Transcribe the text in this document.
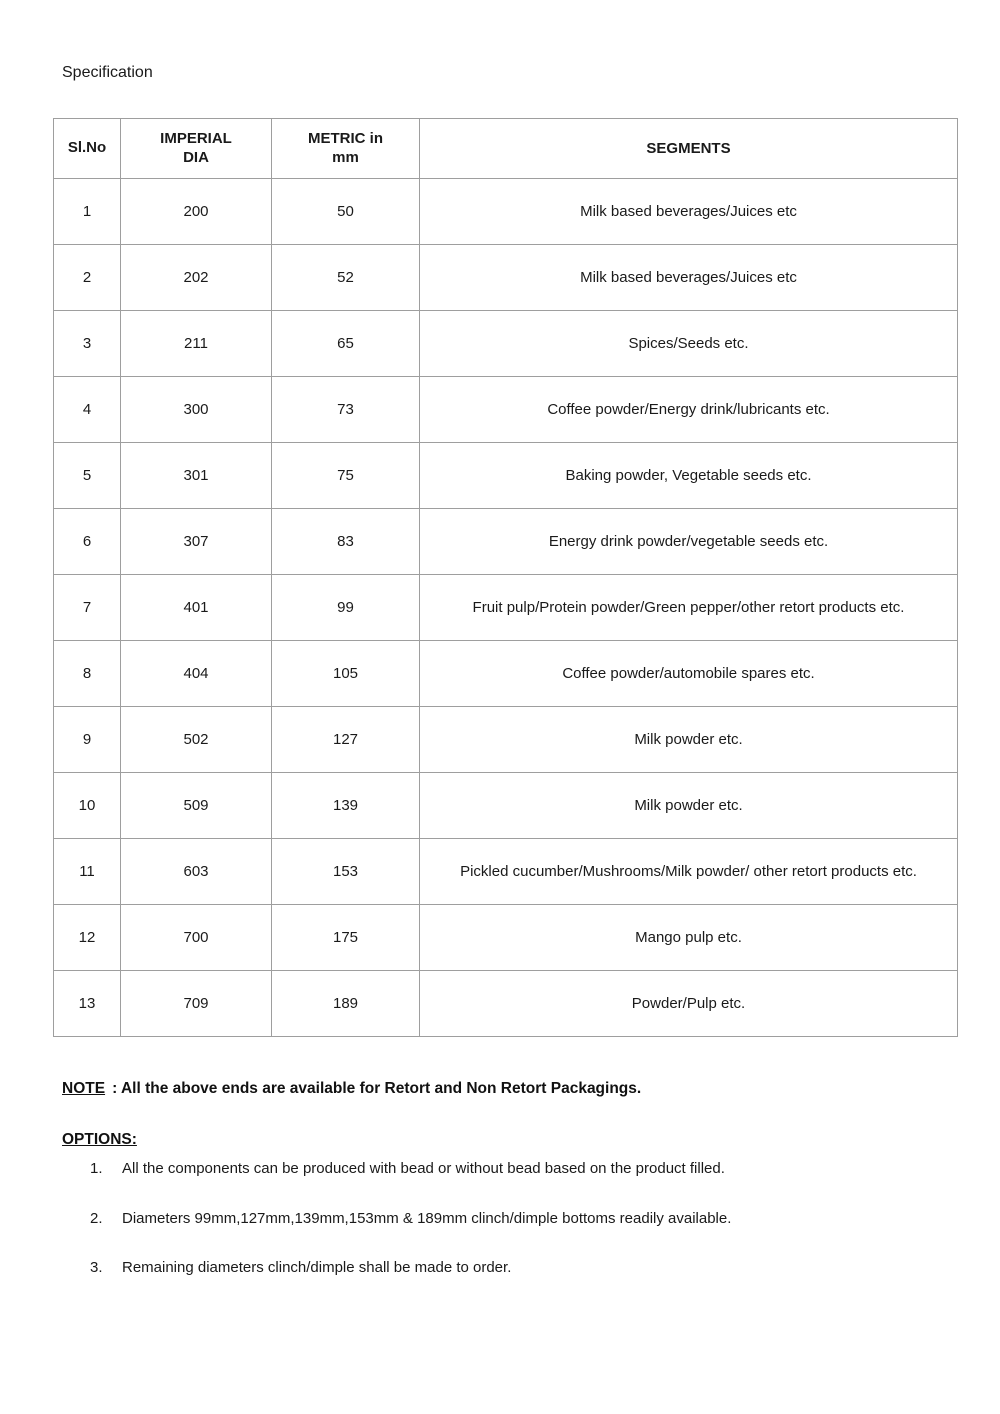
Specification

Sl.No	IMPERIAL DIA	METRIC in mm	SEGMENTS
1	200	50	Milk based beverages/Juices etc

2	202	52	Milk based beverages/Juices etc

3	211	65	Spices/Seeds etc.

4	300	73	Coffee powder/Energy drink/lubricants etc.

5	301	75	Baking powder, Vegetable seeds etc.

6	307	83	Energy drink powder/vegetable seeds etc.

7	401	99	Fruit pulp/Protein powder/Green pepper/other retort products etc.

8	404	105	Coffee powder/automobile spares etc.

9	502	127	Milk powder etc.

10	509	139	Milk powder etc.

11	603	153	Pickled cucumber/Mushrooms/Milk powder/ other retort products etc.

12	700	175	Mango pulp etc.

13	709	189	Powder/Pulp etc.

NOTE : All the above ends are available for Retort and Non Retort Packagings.

OPTIONS:

1.	All the components can be produced with bead or without bead based on the product filled.
2.	Diameters 99mm,127mm,139mm,153mm & 189mm clinch/dimple bottoms readily available.
3.	Remaining diameters clinch/dimple shall be made to order.
